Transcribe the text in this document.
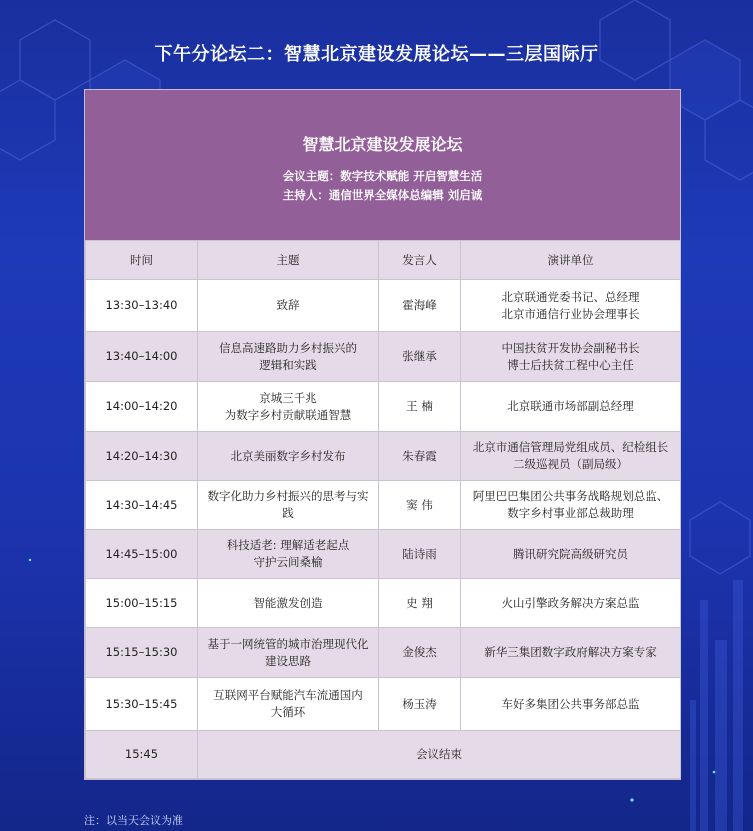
下午分论坛二：智慧北京建设发展论坛——三层国际厅
智慧北京建设发展论坛
会议主题：数字技术赋能 开启智慧生活
主持人：通信世界全媒体总编辑 刘启诚
时间	主题	发言人	演讲单位
13:30–13:40	致辞	霍海峰	北京联通党委书记、总经理
北京市通信行业协会理事长
13:40–14:00	信息高速路助力乡村振兴的
逻辑和实践	张继承	中国扶贫开发协会副秘书长
博士后扶贫工程中心主任
14:00–14:20	京城三千兆
为数字乡村贡献联通智慧	王 楠	北京联通市场部副总经理
14:20–14:30	北京美丽数字乡村发布	朱春霞	北京市通信管理局党组成员、纪检组长
二级巡视员（副局级）
14:30–14:45	数字化助力乡村振兴的思考与实践	窦 伟	阿里巴巴集团公共事务战略规划总监、
数字乡村事业部总裁助理
14:45–15:00	科技适老: 理解适老起点
守护云间桑榆	陆诗雨	腾讯研究院高级研究员
15:00–15:15	智能激发创造	史 翔	火山引擎政务解决方案总监
15:15–15:30	基于一网统管的城市治理现代化
建设思路	金俊杰	新华三集团数字政府解决方案专家
15:30–15:45	互联网平台赋能汽车流通国内
大循环	杨玉涛	车好多集团公共事务部总监
15:45	会议结束		
注：以当天会议为准
